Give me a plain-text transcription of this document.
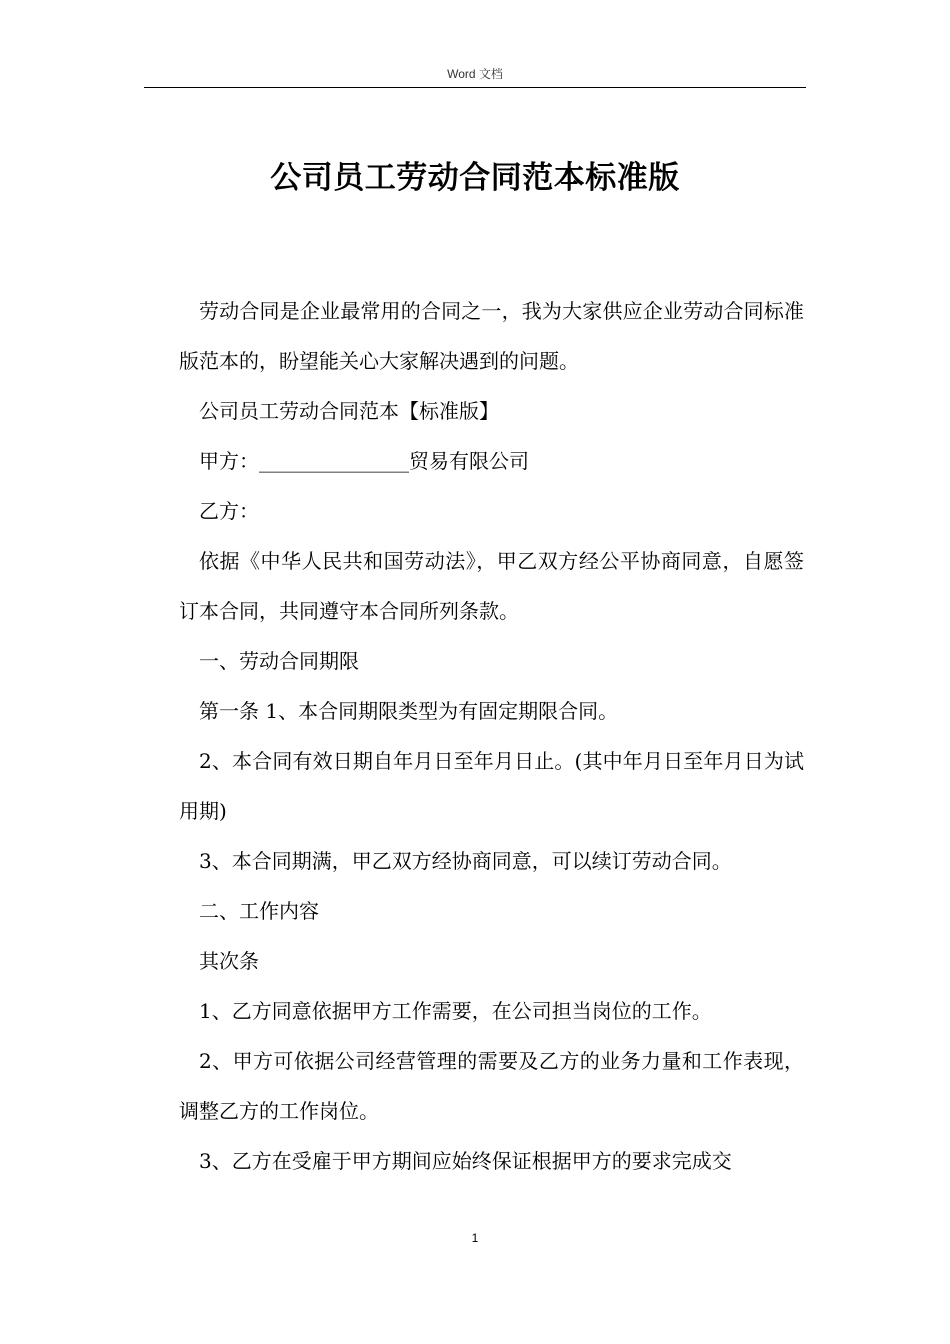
Word 文档
公司员工劳动合同范本标准版

劳动合同是企业最常用的合同之一，我为大家供应企业劳动合同标准版范本的，盼望能关心大家解决遇到的问题。

公司员工劳动合同范本【标准版】

甲方：_______________贸易有限公司

乙方：

依据《中华人民共和国劳动法》，甲乙双方经公平协商同意，自愿签订本合同，共同遵守本合同所列条款。

一、劳动合同期限

第一条 1、本合同期限类型为有固定期限合同。

2、本合同有效日期自年月日至年月日止。(其中年月日至年月日为试用期)

3、本合同期满，甲乙双方经协商同意，可以续订劳动合同。

二、工作内容

其次条

1、乙方同意依据甲方工作需要，在公司担当岗位的工作。

2、甲方可依据公司经营管理的需要及乙方的业务力量和工作表现，调整乙方的工作岗位。

3、乙方在受雇于甲方期间应始终保证根据甲方的要求完成交

1
